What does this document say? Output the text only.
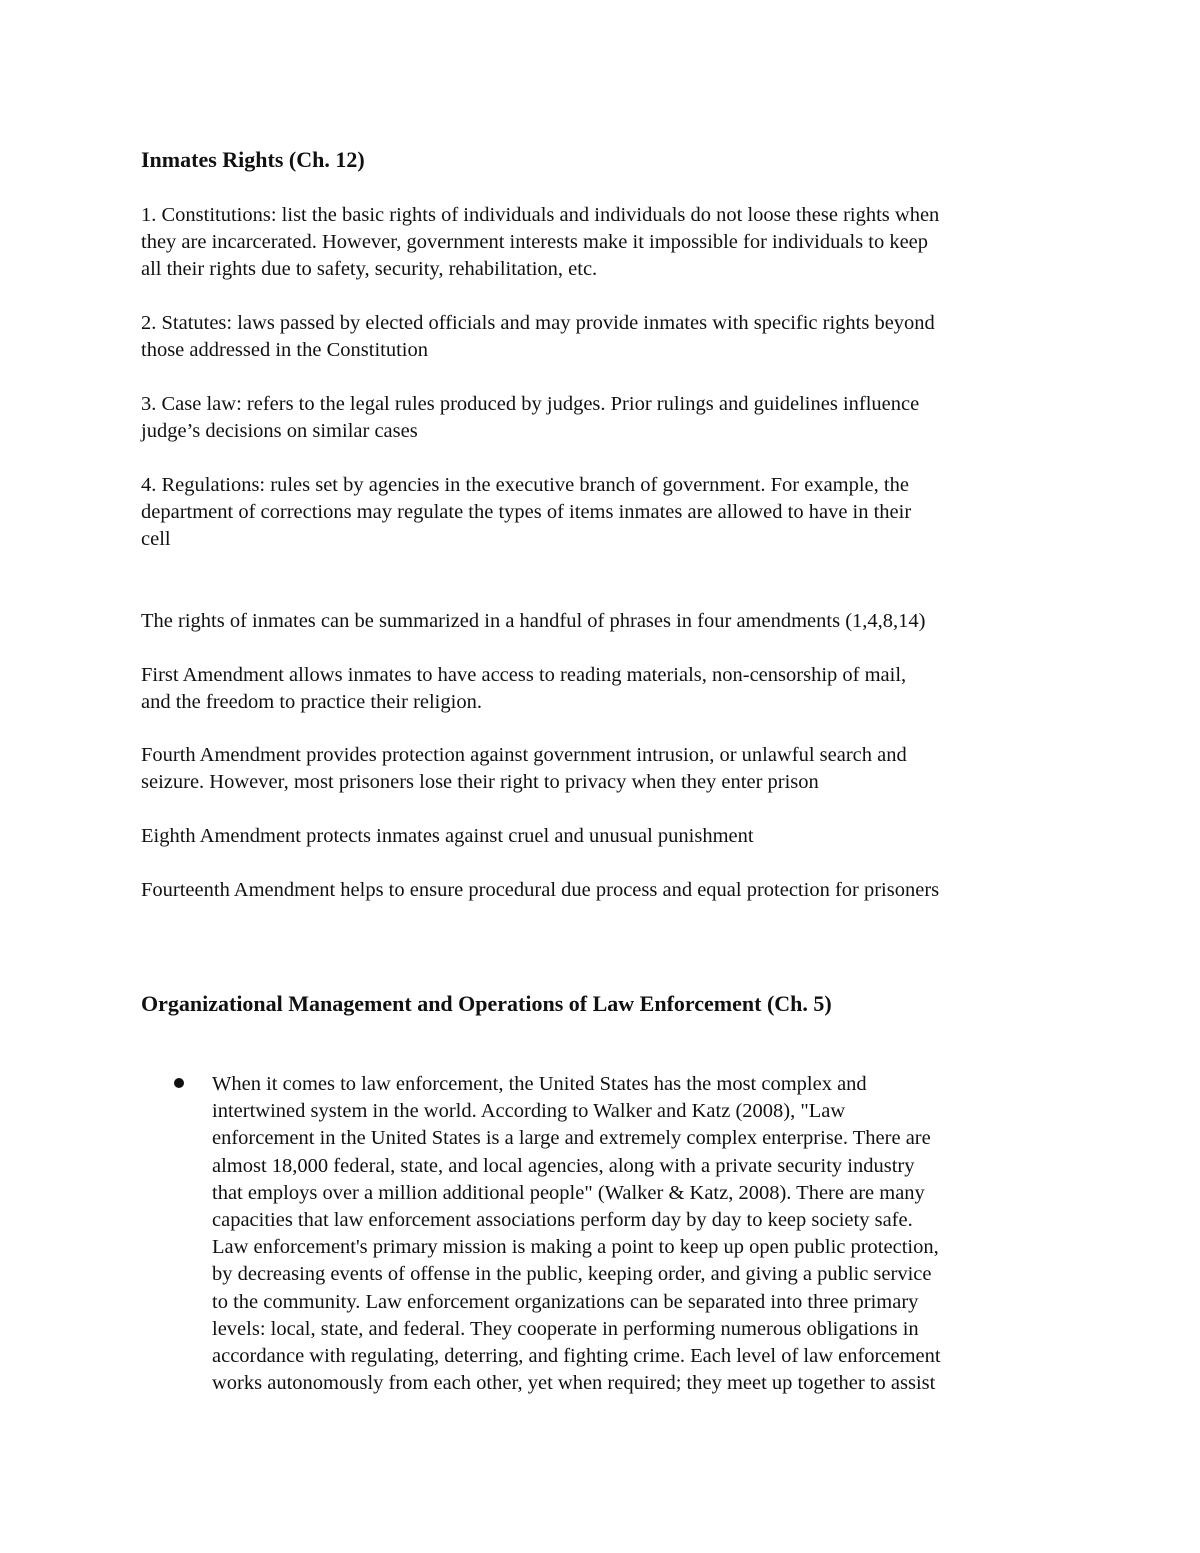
Inmates Rights (Ch. 12)

1. Constitutions: list the basic rights of individuals and individuals do not loose these rights when
they are incarcerated. However, government interests make it impossible for individuals to keep
all their rights due to safety, security, rehabilitation, etc.

2. Statutes: laws passed by elected officials and may provide inmates with specific rights beyond
those addressed in the Constitution

3. Case law: refers to the legal rules produced by judges. Prior rulings and guidelines influence
judge’s decisions on similar cases

4. Regulations: rules set by agencies in the executive branch of government. For example, the
department of corrections may regulate the types of items inmates are allowed to have in their
cell

The rights of inmates can be summarized in a handful of phrases in four amendments (1,4,8,14)

First Amendment allows inmates to have access to reading materials, non-censorship of mail,
and the freedom to practice their religion.

Fourth Amendment provides protection against government intrusion, or unlawful search and
seizure. However, most prisoners lose their right to privacy when they enter prison

Eighth Amendment protects inmates against cruel and unusual punishment

Fourteenth Amendment helps to ensure procedural due process and equal protection for prisoners

Organizational Management and Operations of Law Enforcement (Ch. 5)

When it comes to law enforcement, the United States has the most complex and
intertwined system in the world. According to Walker and Katz (2008), "Law
enforcement in the United States is a large and extremely complex enterprise. There are
almost 18,000 federal, state, and local agencies, along with a private security industry
that employs over a million additional people" (Walker & Katz, 2008). There are many
capacities that law enforcement associations perform day by day to keep society safe.
Law enforcement's primary mission is making a point to keep up open public protection,
by decreasing events of offense in the public, keeping order, and giving a public service
to the community. Law enforcement organizations can be separated into three primary
levels: local, state, and federal. They cooperate in performing numerous obligations in
accordance with regulating, deterring, and fighting crime. Each level of law enforcement
works autonomously from each other, yet when required; they meet up together to assist
